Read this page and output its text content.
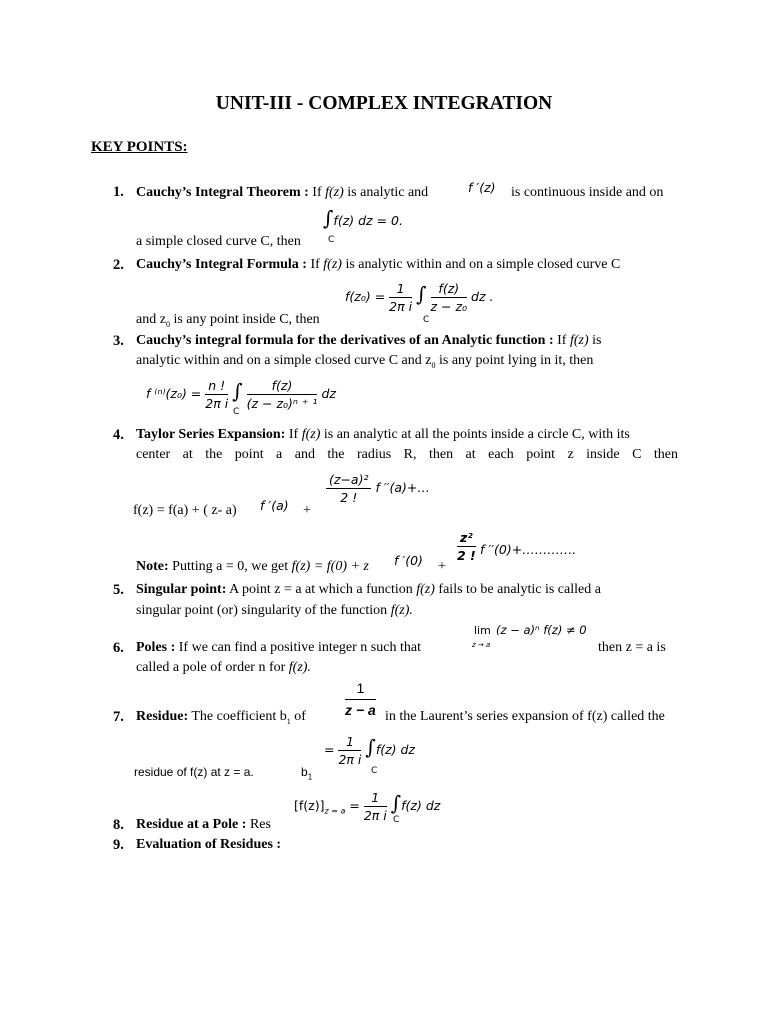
UNIT-III - COMPLEX INTEGRATION
KEY POINTS:
1. Cauchy’s Integral Theorem : If f(z) is analytic and	f ′(z) is continuous inside and on
a simple closed curve C, then
∫f(z) dz = 0.
C
2. Cauchy’s Integral Formula : If f(z) is analytic within and on a simple closed curve C
$f(z_0) = \frac{1}{\text{2π i}}$ ∫ $\frac{f(z)}{\text{z − z₀}}$ dz .
C
and $z_0$ is any point inside C, then
3. Cauchy’s integral formula for the derivatives of an Analytic function : If f(z) is
analytic within and on a simple closed curve C and $z_0$ is any point lying in it, then
f $^{(n)}(z_0) = \frac{n !}{\text{2π i}}$ ∫ $\frac{f(z)}{\text{(z − z₀)ⁿ ⁺ ¹}}$ dz
C
4. Taylor Series Expansion: If f(z) is an analytic at all the points inside a circle C, with its
center at the point a and the radius R, then at each point z inside C then
f(z) = f(a) + ( z- a) f ′(a) +
$\frac{\text{(z−a)²}}{2 !}$ f ′′(a)+…
Note: Putting a = 0, we get f(z) = f(0) + z f ′(0) +
$\frac{\text{z²}}{2 !}$ f ′′(0)+………….
5. Singular point: A point z = a at which a function f(z) fails to be analytic is called a
singular point (or) singularity of the function f(z).
6. Poles : If we can find a positive integer n such that
lim
z → a
(z − a)ⁿ f(z) ≠ 0
then z = a is
called a pole of order n for f(z).
7. Residue: The coefficient $b_1$ of	$\frac{1}{z - a}$ in the Laurent’s series expansion of f(z) called the
= $\frac{1}{\text{2π i}} \int f(z)$ dz
C
residue of f(z) at z = a.	$b_1$
$[f(z)]_{z = a} = \frac{1}{\text{2π i}} \int f(z)$ dz
C
8. Residue at a Pole : Res
9. Evaluation of Residues :
